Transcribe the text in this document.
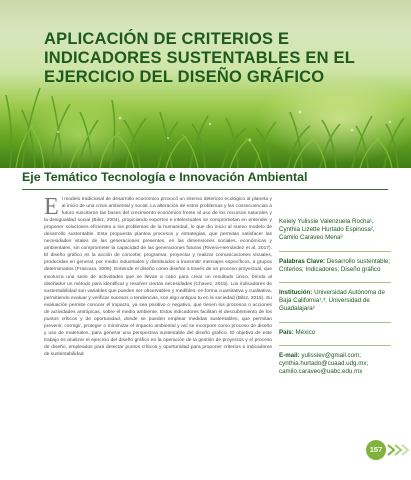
APLICACIÓN DE CRITERIOS E INDICADORES SUSTENTABLES EN EL EJERCICIO DEL DISEÑO GRÁFICO
Eje Temático Tecnología e Innovación Ambiental

El modelo tradicional de desarrollo económico provocó un intenso deterioro ecológico al planeta y al inicio de una crisis ambiental y social. La alteración de estos problemas y las consecuencias a futuro suscitaron las bases del crecimiento económico frente al uso de los recursos naturales y la desigualdad social (Bilsz, 2004), propiciando expertos e intelectuales se comprometan en entender y proponer soluciones eficientes a los problemas de la humanidad, lo que dio inicio al nuevo modelo de desarrollo sustentable. Esta propuesta plantea procesos y estrategias, que permitan satisfacer las necesidades vitales de las generaciones presentes, en las dimensiones sociales, económicas y ambientales, sin comprometer la capacidad de las generaciones futuras (Rivera-Hernández et al, 2017). El diseño gráfico es la acción de concebir, programar, proyectar y realizar comunicaciones visuales, producidas en general, por medio industriales y distribuidos a transmitir mensajes específicos, a grupos determinados (Frascara, 2006). Entiende el diseño como diseñar a través de un proceso proyectual, que involucra una serie de actividades que se llevan a cabo para crear un resultado único, brinda al diseñador un método para identificar y resolver ciertas necesidades (Chavez, 2015). Los indicadores de sustentabilidad son variables que pueden ser observables y medibles, en forma cuantitativa y cualitativa, permitiendo evaluar y verificar sucesos o tendencias, son algo antiguo tu en la sociedad (Bilsz, 2015). Su evaluación permite conocer el impacto, ya sea positivo o negativo, que tienen los procesos o acciones de actividades antrópicas, sobre el medio ambiente. Estos indicadores facilitan el descubrimiento de los puntos críticos y de oportunidad, donde se pueden emplear medidas sustentables, que permitan prevenir, corregir, proteger o minimizar el impacto ambiental y así se incorpore como proceso de diseño y uso de materiales, para generar una perspectiva sustentable del diseño gráfico. El objetivo de este trabajo es analizar el ejercicio del diseño gráfico en la operación de la gestión de proyectos y el proceso de diseño, empleados para detectar puntos críticos y oportunidad para proponer criterios e indicadores de sustentabilidad.

Keiely Yulissie Valenzuela Rocha¹, Cynthia Lizette Hurtado Espinosa², Camilo Caraveo Mena³
Palabras Clave: Desarrollo sustentable; Criterios; Indicadores; Diseño gráfico
Institución: Universidad Autónoma de Baja California¹,³; Universidad de Guadalajara²
País: México
E-mail: yulissiev@gmail.com; cynthia.hurtado@cuaad.udg.mx; camilo.caraveo@uabc.edu.mx
157
